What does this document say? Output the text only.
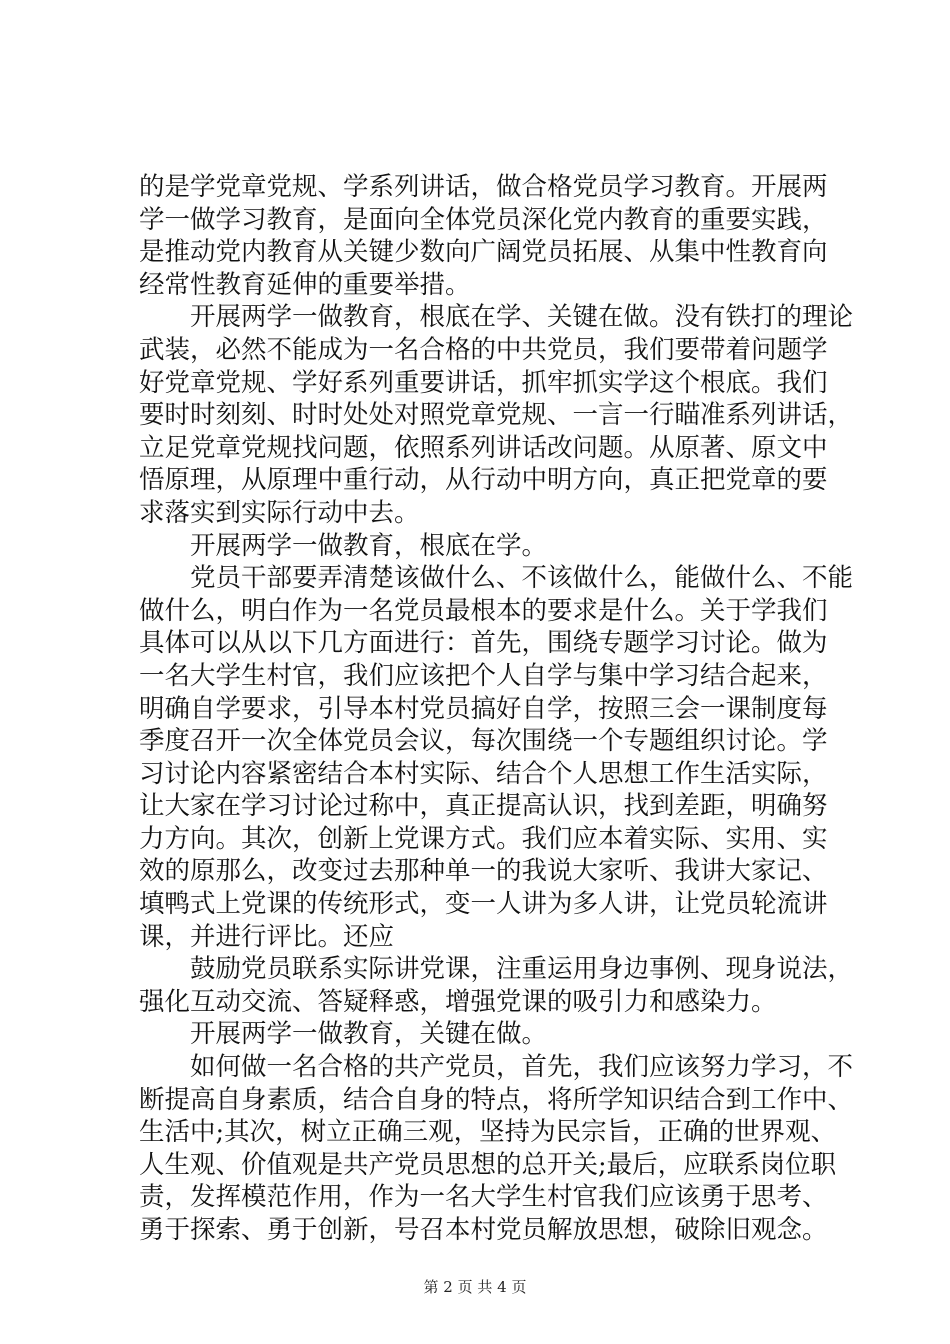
的是学党章党规、学系列讲话，做合格党员学习教育。开展两
学一做学习教育，是面向全体党员深化党内教育的重要实践，
是推动党内教育从关键少数向广阔党员拓展、从集中性教育向
经常性教育延伸的重要举措。
开展两学一做教育，根底在学、关键在做。没有铁打的理论
武装，必然不能成为一名合格的中共党员，我们要带着问题学
好党章党规、学好系列重要讲话，抓牢抓实学这个根底。我们
要时时刻刻、时时处处对照党章党规、一言一行瞄准系列讲话，
立足党章党规找问题，依照系列讲话改问题。从原著、原文中
悟原理，从原理中重行动，从行动中明方向，真正把党章的要
求落实到实际行动中去。
开展两学一做教育，根底在学。
党员干部要弄清楚该做什么、不该做什么，能做什么、不能
做什么，明白作为一名党员最根本的要求是什么。关于学我们
具体可以从以下几方面进行：首先，围绕专题学习讨论。做为
一名大学生村官，我们应该把个人自学与集中学习结合起来，
明确自学要求，引导本村党员搞好自学，按照三会一课制度每
季度召开一次全体党员会议，每次围绕一个专题组织讨论。学
习讨论内容紧密结合本村实际、结合个人思想工作生活实际，
让大家在学习讨论过称中，真正提高认识，找到差距，明确努
力方向。其次，创新上党课方式。我们应本着实际、实用、实
效的原那么，改变过去那种单一的我说大家听、我讲大家记、
填鸭式上党课的传统形式，变一人讲为多人讲，让党员轮流讲
课，并进行评比。还应
鼓励党员联系实际讲党课，注重运用身边事例、现身说法，
强化互动交流、答疑释惑，增强党课的吸引力和感染力。
开展两学一做教育，关键在做。
如何做一名合格的共产党员，首先，我们应该努力学习，不
断提高自身素质，结合自身的特点，将所学知识结合到工作中、
生活中;其次，树立正确三观，坚持为民宗旨，正确的世界观、
人生观、价值观是共产党员思想的总开关;最后，应联系岗位职
责，发挥模范作用，作为一名大学生村官我们应该勇于思考、
勇于探索、勇于创新，号召本村党员解放思想，破除旧观念。
第 2 页 共 4 页
